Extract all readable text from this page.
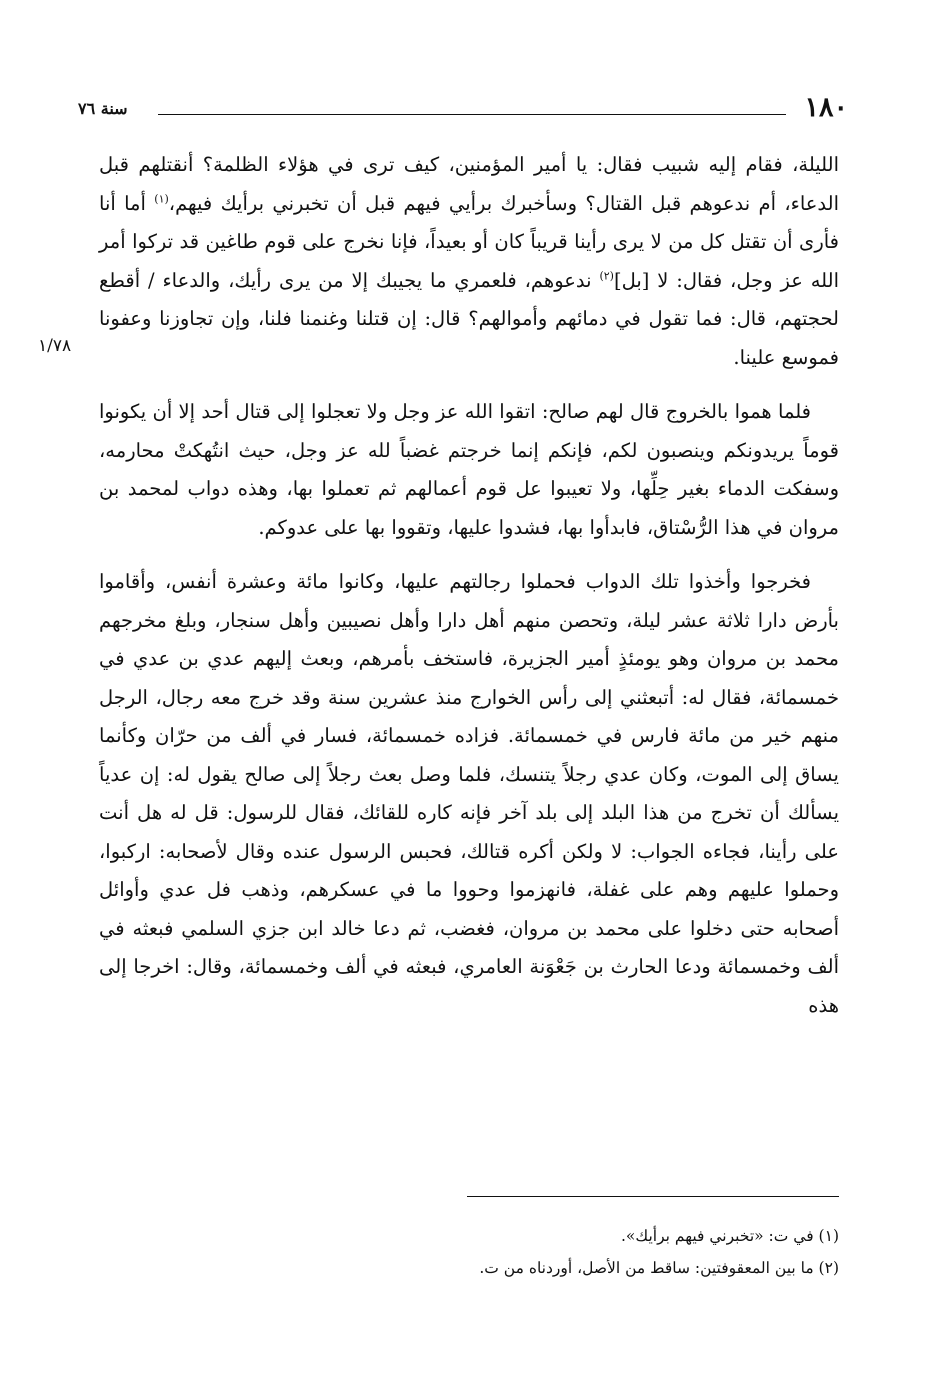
١٨٠
سنة ٧٦
١/٧٨

الليلة، فقام إليه شبيب فقال: يا أمير المؤمنين، كيف ترى في هؤلاء الظلمة؟ أنقتلهم قبل الدعاء، أم ندعوهم قبل القتال؟ وسأخبرك برأيي فيهم قبل أن تخبرني برأيك فيهم،$^{(١)}$ أما أنا فأرى أن تقتل كل من لا يرى رأينا قريباً كان أو بعيداً، فإنا نخرج على قوم طاغين قد تركوا أمر الله عز وجل، فقال: لا [بل]$^{(٢)}$ ندعوهم، فلعمري ما يجيبك إلا من يرى رأيك، والدعاء / أقطع لحجتهم، قال: فما تقول في دمائهم وأموالهم؟ قال: إن قتلنا وغنمنا فلنا، وإن تجاوزنا وعفونا فموسع علينا.

فلما هموا بالخروج قال لهم صالح: اتقوا الله عز وجل ولا تعجلوا إلى قتال أحد إلا أن يكونوا قوماً يريدونكم وينصبون لكم، فإنكم إنما خرجتم غضباً لله عز وجل، حيث انتُهكتْ محارمه، وسفكت الدماء بغير حِلِّها، ولا تعيبوا عل قوم أعمالهم ثم تعملوا بها، وهذه دواب لمحمد بن مروان في هذا الرُّسْتاق، فابدأوا بها، فشدوا عليها، وتقووا بها على عدوكم.

فخرجوا وأخذوا تلك الدواب فحملوا رجالتهم عليها، وكانوا مائة وعشرة أنفس، وأقاموا بأرض دارا ثلاثة عشر ليلة، وتحصن منهم أهل دارا وأهل نصيبين وأهل سنجار، وبلغ مخرجهم محمد بن مروان وهو يومئذٍ أمير الجزيرة، فاستخف بأمرهم، وبعث إليهم عدي بن عدي في خمسمائة، فقال له: أتبعثني إلى رأس الخوارج منذ عشرين سنة وقد خرج معه رجال، الرجل منهم خير من مائة فارس في خمسمائة. فزاده خمسمائة، فسار في ألف من حرّان وكأنما يساق إلى الموت، وكان عدي رجلاً يتنسك، فلما وصل بعث رجلاً إلى صالح يقول له: إن عدياً يسألك أن تخرج من هذا البلد إلى بلد آخر فإنه كاره للقائك، فقال للرسول: قل له هل أنت على رأينا، فجاءه الجواب: لا ولكن أكره قتالك، فحبس الرسول عنده وقال لأصحابه: اركبوا، وحملوا عليهم وهم على غفلة، فانهزموا وحووا ما في عسكرهم، وذهب فل عدي وأوائل أصحابه حتى دخلوا على محمد بن مروان، فغضب، ثم دعا خالد ابن جزي السلمي فبعثه في ألف وخمسمائة ودعا الحارث بن جَعْوَنة العامري، فبعثه في ألف وخمسمائة، وقال: اخرجا إلى هذه

(١) في ت: «تخبرني فيهم برأيك».

(٢) ما بين المعقوفتين: ساقط من الأصل، أوردناه من ت.
